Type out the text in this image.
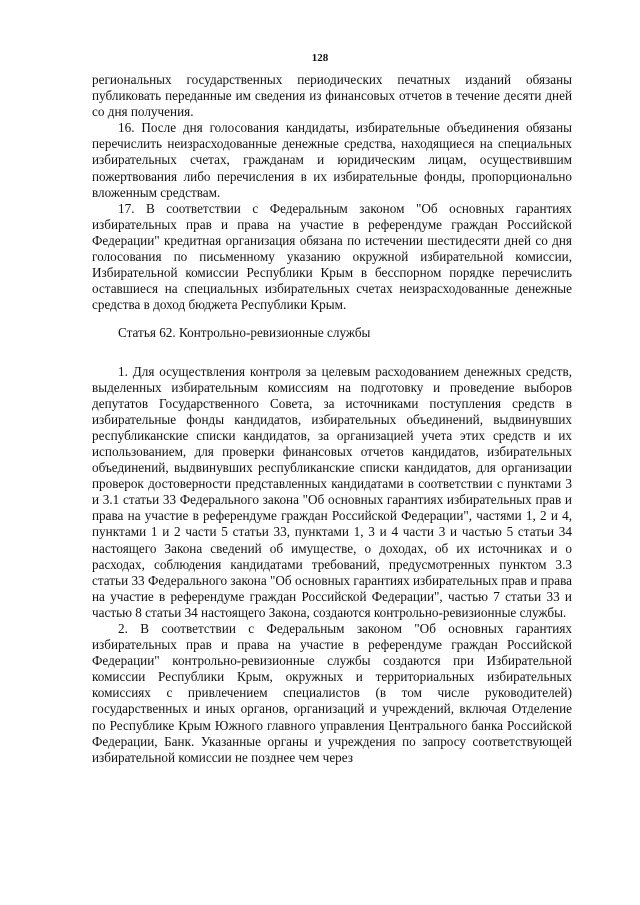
128

региональных государственных периодических печатных изданий обязаны публиковать переданные им сведения из финансовых отчетов в течение десяти дней со дня получения.

16. После дня голосования кандидаты, избирательные объединения обязаны перечислить неизрасходованные денежные средства, находящиеся на специальных избирательных счетах, гражданам и юридическим лицам, осуществившим пожертвования либо перечисления в их избирательные фонды, пропорционально вложенным средствам.

17. В соответствии с Федеральным законом "Об основных гарантиях избирательных прав и права на участие в референдуме граждан Российской Федерации" кредитная организация обязана по истечении шестидесяти дней со дня голосования по письменному указанию окружной избирательной комиссии, Избирательной комиссии Республики Крым в бесспорном порядке перечислить оставшиеся на специальных избирательных счетах неизрасходованные денежные средства в доход бюджета Республики Крым.

Статья 62. Контрольно-ревизионные службы

1. Для осуществления контроля за целевым расходованием денежных средств, выделенных избирательным комиссиям на подготовку и проведение выборов депутатов Государственного Совета, за источниками поступления средств в избирательные фонды кандидатов, избирательных объединений, выдвинувших республиканские списки кандидатов, за организацией учета этих средств и их использованием, для проверки финансовых отчетов кандидатов, избирательных объединений, выдвинувших республиканские списки кандидатов, для организации проверок достоверности представленных кандидатами в соответствии с пунктами 3 и 3.1 статьи 33 Федерального закона "Об основных гарантиях избирательных прав и права на участие в референдуме граждан Российской Федерации", частями 1, 2 и 4, пунктами 1 и 2 части 5 статьи 33, пунктами 1, 3 и 4 части 3 и частью 5 статьи 34 настоящего Закона сведений об имуществе, о доходах, об их источниках и о расходах, соблюдения кандидатами требований, предусмотренных пунктом 3.3 статьи 33 Федерального закона "Об основных гарантиях избирательных прав и права на участие в референдуме граждан Российской Федерации", частью 7 статьи 33 и частью 8 статьи 34 настоящего Закона, создаются контрольно-ревизионные службы.

2. В соответствии с Федеральным законом "Об основных гарантиях избирательных прав и права на участие в референдуме граждан Российской Федерации" контрольно-ревизионные службы создаются при Избирательной комиссии Республики Крым, окружных и территориальных избирательных комиссиях с привлечением специалистов (в том числе руководителей) государственных и иных органов, организаций и учреждений, включая Отделение по Республике Крым Южного главного управления Центрального банка Российской Федерации, Банк. Указанные органы и учреждения по запросу соответствующей избирательной комиссии не позднее чем через
